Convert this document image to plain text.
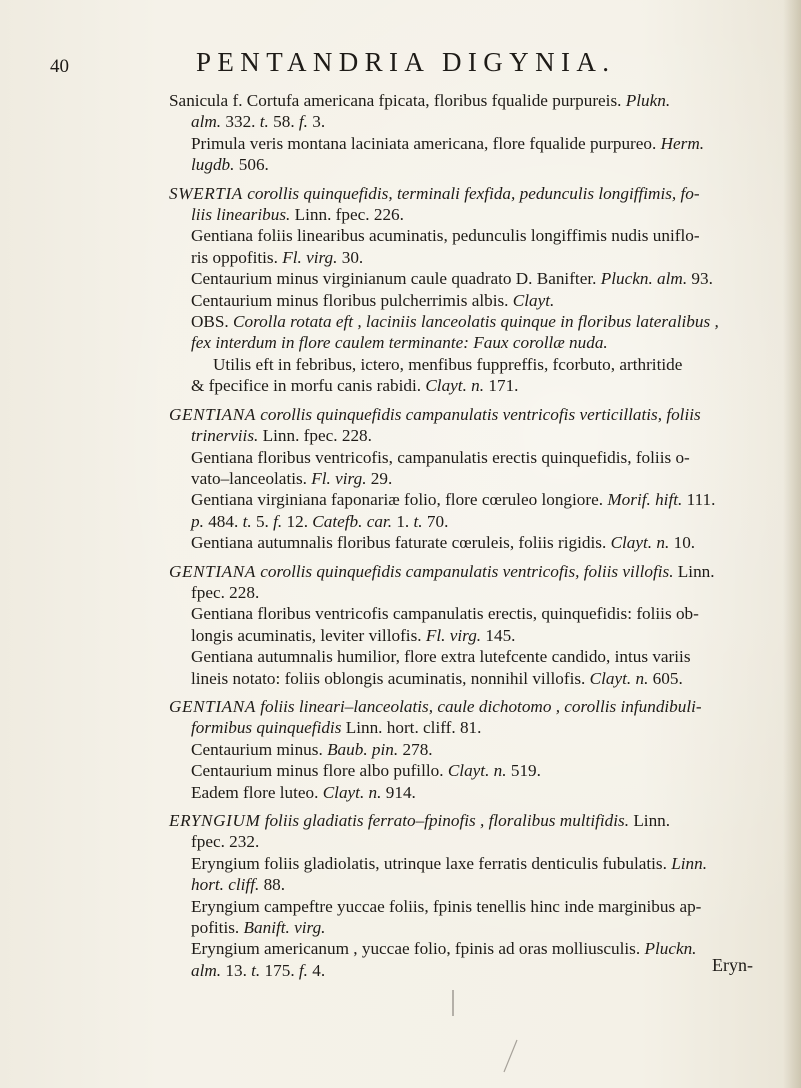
40	PENTANDRIA DIGYNIA.
Sanicula f. Cortufa americana fpicata, floribus fqualide purpureis. Plukn.
alm. 332. t. 58. f. 3.
Primula veris montana laciniata americana, flore fqualide purpureo. Herm.
lugdb. 506.
SWERTIA corollis quinquefidis, terminali fexfida, pedunculis longiffimis, fo-
liis linearibus. Linn. fpec. 226.
Gentiana foliis linearibus acuminatis, pedunculis longiffimis nudis uniflo-
ris oppofitis. Fl. virg. 30.
Centaurium minus virginianum caule quadrato D. Banifter. Pluckn. alm. 93.
Centaurium minus floribus pulcherrimis albis. Clayt.
OBS. Corolla rotata eft , laciniis lanceolatis quinque in floribus lateralibus ,
fex interdum in flore caulem terminante: Faux corollæ nuda.
Utilis eft in febribus, ictero, menfibus fuppreffis, fcorbuto, arthritide
& fpecifice in morfu canis rabidi. Clayt. n. 171.
GENTIANA corollis quinquefidis campanulatis ventricofis verticillatis, foliis
trinerviis. Linn. fpec. 228.
Gentiana floribus ventricofis, campanulatis erectis quinquefidis, foliis o-
vato–lanceolatis. Fl. virg. 29.
Gentiana virginiana faponariæ folio, flore cœruleo longiore. Morif. hift. 111.
p. 484. t. 5. f. 12. Catefb. car. 1. t. 70.
Gentiana autumnalis floribus faturate cœruleis, foliis rigidis. Clayt. n. 10.
GENTIANA corollis quinquefidis campanulatis ventricofis, foliis villofis. Linn.
fpec. 228.
Gentiana floribus ventricofis campanulatis erectis, quinquefidis: foliis ob-
longis acuminatis, leviter villofis. Fl. virg. 145.
Gentiana autumnalis humilior, flore extra lutefcente candido, intus variis
lineis notato: foliis oblongis acuminatis, nonnihil villofis. Clayt. n. 605.
GENTIANA foliis lineari–lanceolatis, caule dichotomo , corollis infundibuli-
formibus quinquefidis Linn. hort. cliff. 81.
Centaurium minus. Baub. pin. 278.
Centaurium minus flore albo pufillo. Clayt. n. 519.
Eadem flore luteo. Clayt. n. 914.
ERYNGIUM foliis gladiatis ferrato–fpinofis , floralibus multifidis. Linn.
fpec. 232.
Eryngium foliis gladiolatis, utrinque laxe ferratis denticulis fubulatis. Linn.
hort. cliff. 88.
Eryngium campeftre yuccae foliis, fpinis tenellis hinc inde marginibus ap-
pofitis. Banift. virg.
Eryngium americanum , yuccae folio, fpinis ad oras molliusculis. Pluckn.
alm. 13. t. 175. f. 4.	Eryn-
